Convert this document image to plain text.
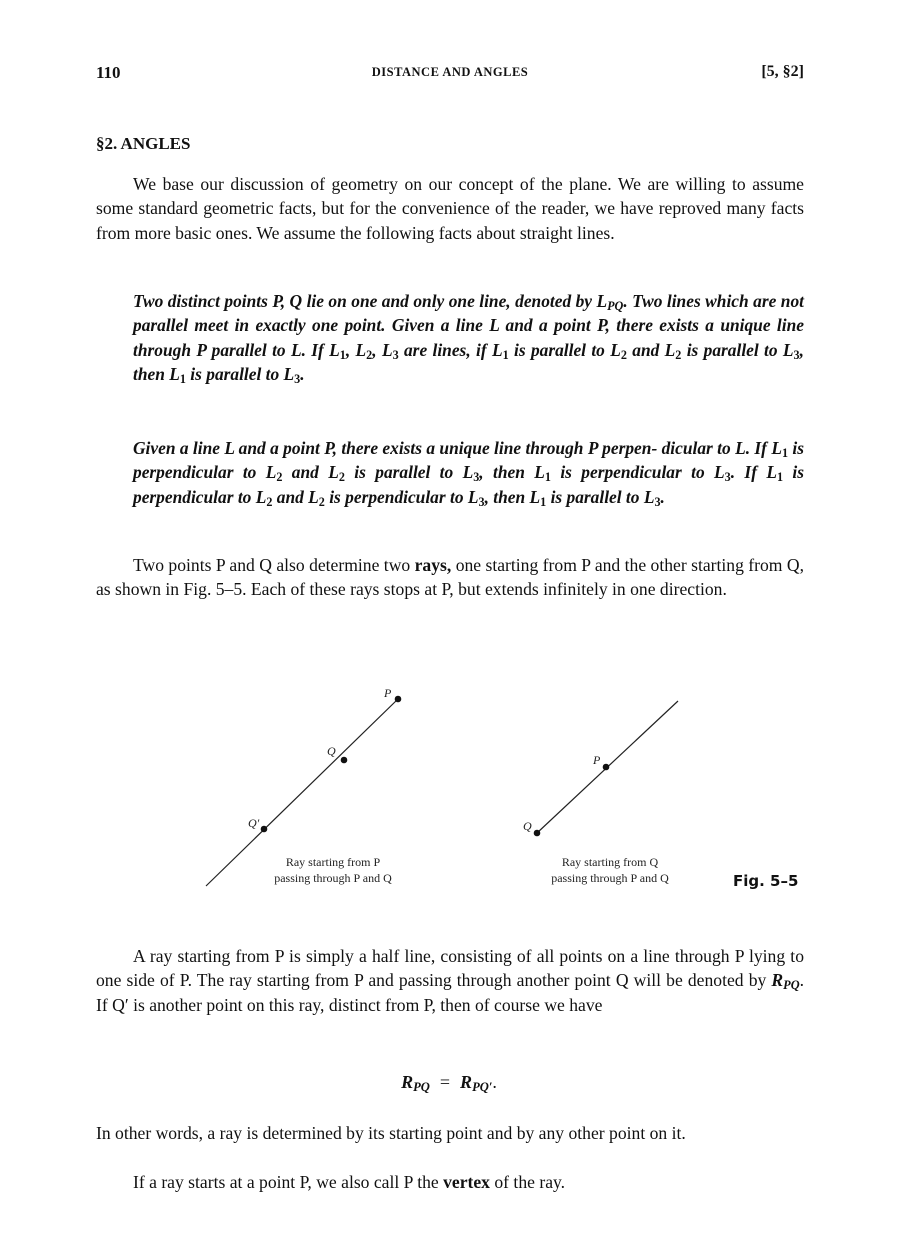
110	DISTANCE AND ANGLES	[5, §2]
§2. ANGLES
We base our discussion of geometry on our concept of the plane. We are willing to assume some standard geometric facts, but for the convenience of the reader, we have reproved many facts from more basic ones. We assume the following facts about straight lines.
Two distinct points P, Q lie on one and only one line, denoted by $L_{PQ}$. Two lines which are not parallel meet in exactly one point. Given a line L and a point P, there exists a unique line through P parallel to L. If $L_1$, $L_2$, $L_3$ are lines, if $L_1$ is parallel to $L_2$ and $L_2$ is parallel to $L_3$, then $L_1$ is parallel to $L_3$.
Given a line L and a point P, there exists a unique line through P perpen- dicular to L. If $L_1$ is perpendicular to $L_2$ and $L_2$ is parallel to $L_3$, then $L_1$ is perpendicular to $L_3$. If $L_1$ is perpendicular to $L_2$ and $L_2$ is perpendicular to $L_3$, then $L_1$ is parallel to $L_3$.
Two points P and Q also determine two rays, one starting from P and the other starting from Q, as shown in Fig. 5–5. Each of these rays stops at P, but extends infinitely in one direction.
P
Q
Q′
P
Q
Ray starting from P
passing through P and Q
Ray starting from Q
passing through P and Q	Fig. 5–5
A ray starting from P is simply a half line, consisting of all points on a line through P lying to one side of P. The ray starting from P and passing through another point Q will be denoted by $R_{PQ}$. If Q′ is another point on this ray, distinct from P, then of course we have
$R_{PQ} = R_{PQ'}$.
In other words, a ray is determined by its starting point and by any other point on it.
If a ray starts at a point P, we also call P the vertex of the ray.
